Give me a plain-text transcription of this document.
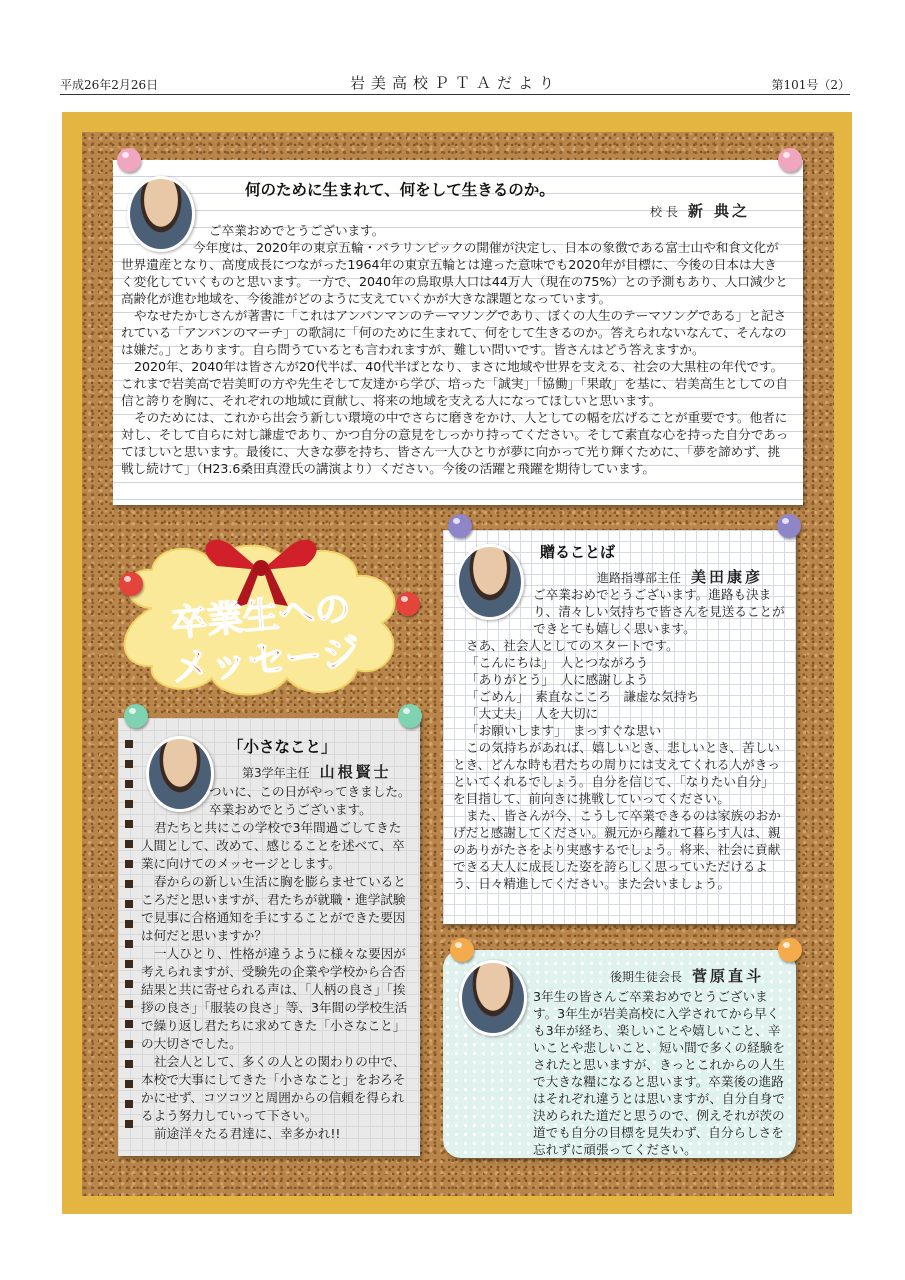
平成26年2月26日	岩美高校ＰＴＡだより	第101号（2）
何のために生まれて、何をして生きるのか。
校 長 新 典之

ご卒業おめでとうございます。

今年度は、2020年の東京五輪・パラリンピックの開催が決定し、日本の象徴である富士山や和食文化が世界遺産となり、高度成長につながった1964年の東京五輪とは違った意味でも2020年が目標に、今後の日本は大きく変化していくものと思います。一方で、2040年の鳥取県人口は44万人（現在の75%）との予測もあり、人口減少と高齢化が進む地域を、今後誰がどのように支えていくかが大きな課題となっています。

やなせたかしさんが著書に「これはアンパンマンのテーマソングであり、ぼくの人生のテーマソングである」と記されている「アンパンのマーチ」の歌詞に「何のために生まれて、何をして生きるのか。答えられないなんて、そんなのは嫌だ。」とあります。自ら問うているとも言われますが、難しい問いです。皆さんはどう答えますか。

2020年、2040年は皆さんが20代半ば、40代半ばとなり、まさに地域や世界を支える、社会の大黒柱の年代です。これまで岩美高で岩美町の方や先生そして友達から学び、培った「誠実」「協働」「果敢」を基に、岩美高生としての自信と誇りを胸に、それぞれの地域に貢献し、将来の地域を支える人になってほしいと思います。

そのためには、これから出会う新しい環境の中でさらに磨きをかけ、人としての幅を広げることが重要です。他者に対し、そして自らに対し謙虚であり、かつ自分の意見をしっかり持ってください。そして素直な心を持った自分であってほしいと思います。最後に、大きな夢を持ち、皆さん一人ひとりが夢に向かって光り輝くために、「夢を諦めず、挑戦し続けて」（H23.6桑田真澄氏の講演より）ください。今後の活躍と飛躍を期待しています。

卒業生への
メッセージ
贈ることば
進路指導部主任 美田康彦

ご卒業おめでとうございます。進路も決まり、清々しい気持ちで皆さんを見送ることができとても嬉しく思います。

さあ、社会人としてのスタートです。

「こんにちは」　人とつながろう

「ありがとう」　人に感謝しよう

「ごめん」　素直なこころ　謙虚な気持ち

「大丈夫」　人を大切に

「お願いします」　まっすぐな思い

この気持ちがあれば、嬉しいとき、悲しいとき、苦しいとき、どんな時も君たちの周りには支えてくれる人がきっといてくれるでしょう。自分を信じて、「なりたい自分」を目指して、前向きに挑戦していってください。

また、皆さんが今、こうして卒業できるのは家族のおかげだと感謝してください。親元から離れて暮らす人は、親のありがたさをより実感するでしょう。将来、社会に貢献できる大人に成長した姿を誇らしく思っていただけるよう、日々精進してください。また会いましょう。

「小さなこと」
第3学年主任 山根賢士

ついに、この日がやってきました。卒業おめでとうございます。

君たちと共にこの学校で3年間過ごしてきた人間として、改めて、感じることを述べて、卒業に向けてのメッセージとします。

春からの新しい生活に胸を膨らませているところだと思いますが、君たちが就職・進学試験で見事に合格通知を手にすることができた要因は何だと思いますか？

一人ひとり、性格が違うように様々な要因が考えられますが、受験先の企業や学校から合否結果と共に寄せられる声は、「人柄の良さ」「挨拶の良さ」「服装の良さ」等、3年間の学校生活で繰り返し君たちに求めてきた「小さなこと」の大切さでした。

社会人として、多くの人との関わりの中で、本校で大事にしてきた「小さなこと」をおろそかにせず、コツコツと周囲からの信頼を得られるよう努力していって下さい。

前途洋々たる君達に、幸多かれ!!

後期生徒会長 菅原直斗

3年生の皆さんご卒業おめでとうございます。3年生が岩美高校に入学されてから早くも3年が経ち、楽しいことや嬉しいこと、辛いことや悲しいこと、短い間で多くの経験をされたと思いますが、きっとこれからの人生で大きな糧になると思います。卒業後の進路はそれぞれ違うとは思いますが、自分自身で決められた道だと思うので、例えそれが茨の道でも自分の目標を見失わず、自分らしさを忘れずに頑張ってください。
